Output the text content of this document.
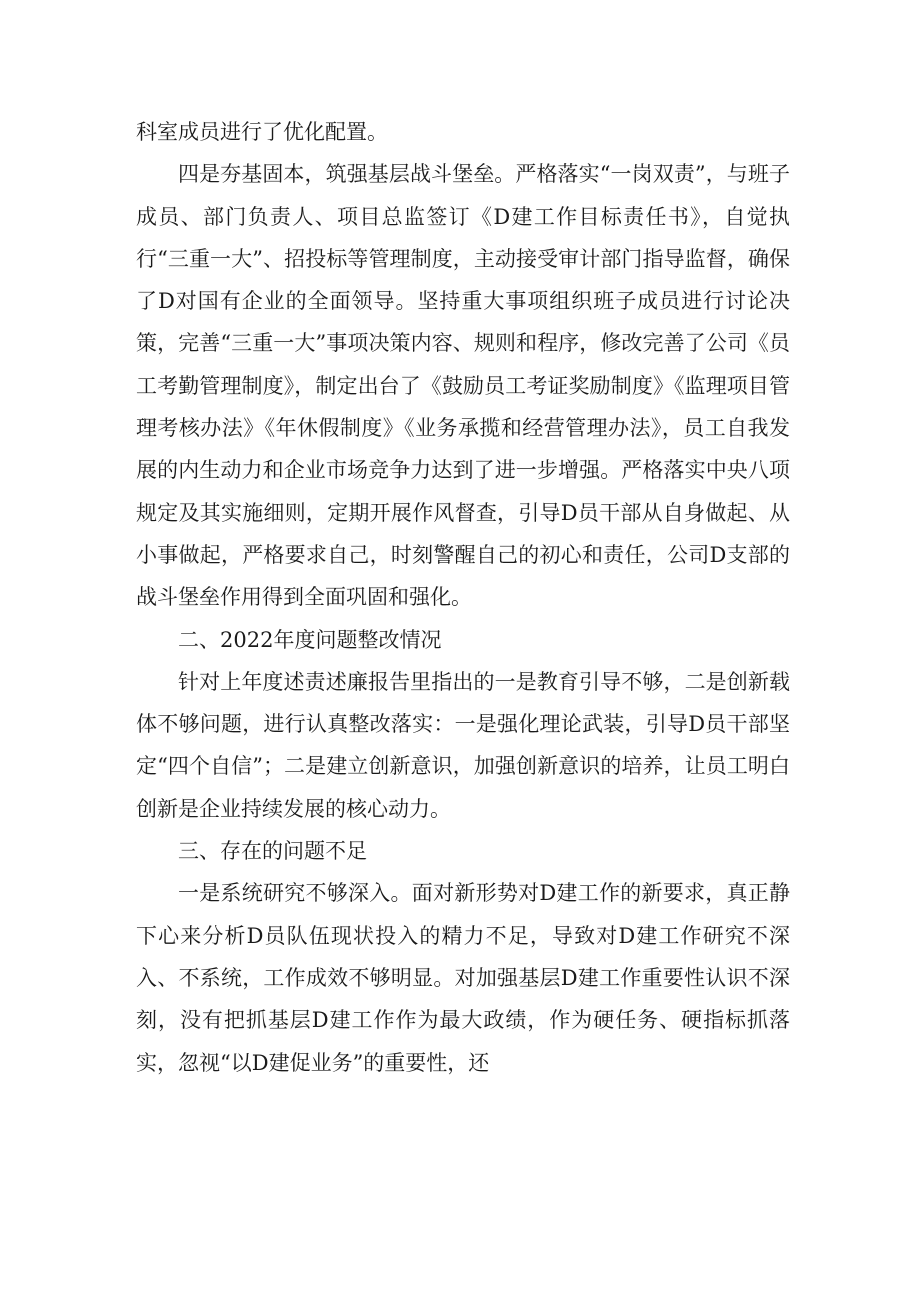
科室成员进行了优化配置。

四是夯基固本，筑强基层战斗堡垒。严格落实“一岗双责”，与班子成员、部门负责人、项目总监签订《D建工作目标责任书》，自觉执行“三重一大”、招投标等管理制度，主动接受审计部门指导监督，确保了D对国有企业的全面领导。坚持重大事项组织班子成员进行讨论决策，完善“三重一大”事项决策内容、规则和程序，修改完善了公司《员工考勤管理制度》，制定出台了《鼓励员工考证奖励制度》《监理项目管理考核办法》《年休假制度》《业务承揽和经营管理办法》，员工自我发展的内生动力和企业市场竞争力达到了进一步增强。严格落实中央八项规定及其实施细则，定期开展作风督查，引导D员干部从自身做起、从小事做起，严格要求自己，时刻警醒自己的初心和责任，公司D支部的战斗堡垒作用得到全面巩固和强化。

二、2022年度问题整改情况

针对上年度述责述廉报告里指出的一是教育引导不够，二是创新载体不够问题，进行认真整改落实：一是强化理论武装，引导D员干部坚定“四个自信”；二是建立创新意识，加强创新意识的培养，让员工明白创新是企业持续发展的核心动力。

三、存在的问题不足

一是系统研究不够深入。面对新形势对D建工作的新要求，真正静下心来分析D员队伍现状投入的精力不足，导致对D建工作研究不深入、不系统，工作成效不够明显。对加强基层D建工作重要性认识不深刻，没有把抓基层D建工作作为最大政绩，作为硬任务、硬指标抓落实，忽视“以D建促业务”的重要性，还
